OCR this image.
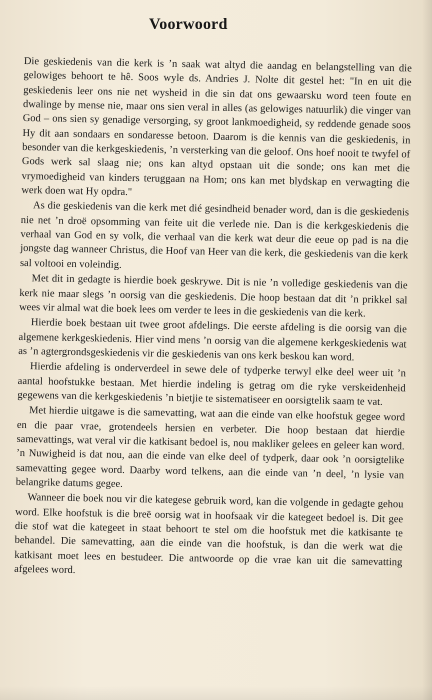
Voorwoord

Die geskiedenis van die kerk is ’n saak wat altyd die aandag en belangstelling van die gelowiges behoort te hê. Soos wyle ds. Andries J. Nolte dit gestel het: "In en uit die geskiedenis leer ons nie net wysheid in die sin dat ons gewaarsku word teen foute en dwalinge by mense nie, maar ons sien veral in alles (as gelowiges natuurlik) die vinger van God – ons sien sy genadige versorging, sy groot lankmoedigheid, sy reddende genade soos Hy dit aan sondaars en sondaresse betoon. Daarom is die kennis van die geskiedenis, in besonder van die kerkgeskiedenis, ’n versterking van die geloof. Ons hoef nooit te twyfel of Gods werk sal slaag nie; ons kan altyd opstaan uit die sonde; ons kan met die vrymoedigheid van kinders teruggaan na Hom; ons kan met blydskap en verwagting die werk doen wat Hy opdra."

As die geskiedenis van die kerk met dié gesindheid benader word, dan is die geskiedenis nie net ’n droë opsomming van feite uit die verlede nie. Dan is die kerkgeskiedenis die verhaal van God en sy volk, die verhaal van die kerk wat deur die eeue op pad is na die jongste dag wanneer Christus, die Hoof van Heer van die kerk, die geskiedenis van die kerk sal voltooi en voleindig.

Met dit in gedagte is hierdie boek geskrywe. Dit is nie ’n volledige geskiedenis van die kerk nie maar slegs ’n oorsig van die geskiedenis. Die hoop bestaan dat dit ’n prikkel sal wees vir almal wat die boek lees om verder te lees in die geskiedenis van die kerk.

Hierdie boek bestaan uit twee groot afdelings. Die eerste afdeling is die oorsig van die algemene kerkgeskiedenis. Hier vind mens ’n oorsig van die algemene kerkgeskiedenis wat as ’n agtergrondsgeskiedenis vir die geskiedenis van ons kerk beskou kan word.

Hierdie afdeling is onderverdeel in sewe dele of tydperke terwyl elke deel weer uit ’n aantal hoofstukke bestaan. Met hierdie indeling is getrag om die ryke verskeidenheid gegewens van die kerkgeskiedenis ’n bietjie te sistematiseer en oorsigtelik saam te vat.

Met hierdie uitgawe is die samevatting, wat aan die einde van elke hoofstuk gegee word en die paar vrae, grotendeels hersien en verbeter. Die hoop bestaan dat hierdie samevattings, wat veral vir die katkisant bedoel is, nou makliker gelees en geleer kan word. ’n Nuwigheid is dat nou, aan die einde van elke deel of tydperk, daar ook ’n oorsigtelike samevatting gegee word. Daarby word telkens, aan die einde van ’n deel, ’n lysie van belangrike datums gegee.

Wanneer die boek nou vir die kategese gebruik word, kan die volgende in gedagte gehou word. Elke hoofstuk is die breë oorsig wat in hoofsaak vir die kategeet bedoel is. Dit gee die stof wat die kategeet in staat behoort te stel om die hoofstuk met die katkisante te behandel. Die samevatting, aan die einde van die hoofstuk, is dan die werk wat die katkisant moet lees en bestudeer. Die antwoorde op die vrae kan uit die samevatting afgelees word.
